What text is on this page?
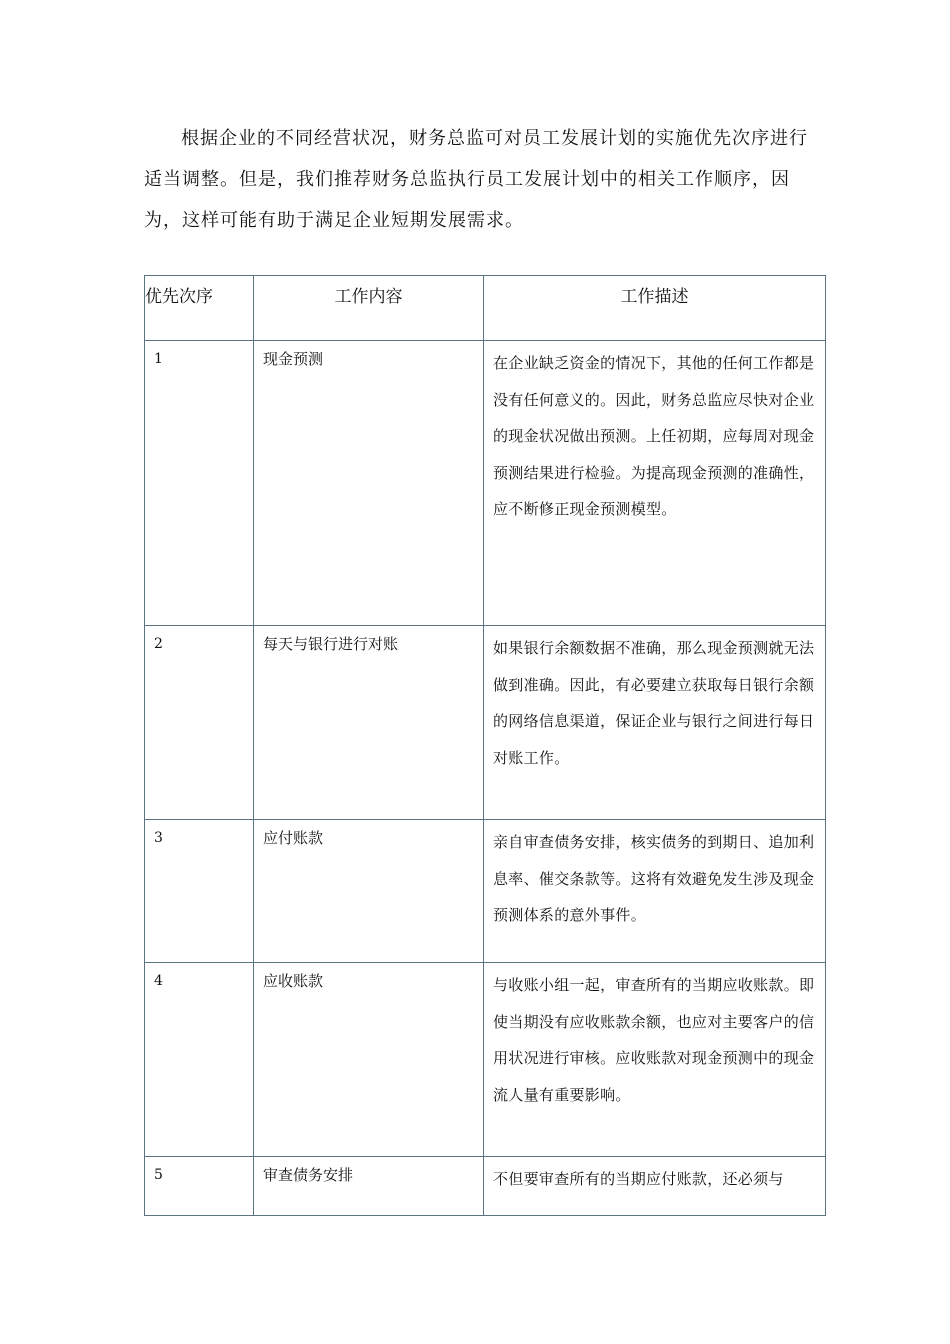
根据企业的不同经营状况，财务总监可对员工发展计划的实施优先次序进行适当调整。但是，我们推荐财务总监执行员工发展计划中的相关工作顺序，因为，这样可能有助于满足企业短期发展需求。

优先次序	工作内容	工作描述

1	现金预测	在企业缺乏资金的情况下，其他的任何工作都是没有任何意义的。因此，财务总监应尽快对企业的现金状况做出预测。上任初期，应每周对现金预测结果进行检验。为提高现金预测的准确性，应不断修正现金预测模型。

2	每天与银行进行对账	如果银行余额数据不准确，那么现金预测就无法做到准确。因此，有必要建立获取每日银行余额的网络信息渠道，保证企业与银行之间进行每日对账工作。

3	应付账款	亲自审查债务安排，核实债务的到期日、追加利息率、催交条款等。这将有效避免发生涉及现金预测体系的意外事件。

4	应收账款	与收账小组一起，审查所有的当期应收账款。即使当期没有应收账款余额，也应对主要客户的信用状况进行审核。应收账款对现金预测中的现金流人量有重要影响。

5	审查债务安排	不但要审查所有的当期应付账款，还必须与
